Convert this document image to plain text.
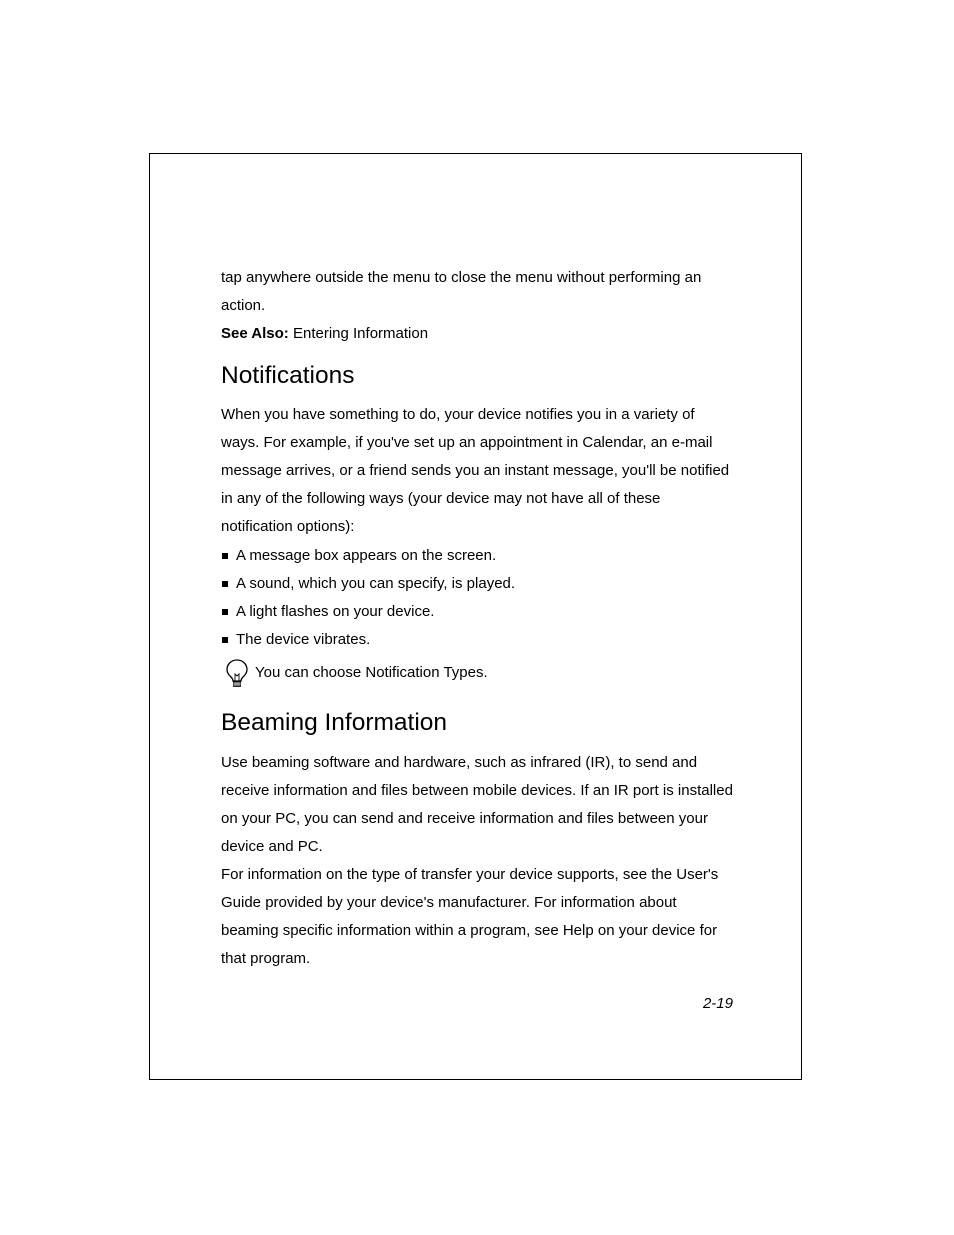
tap anywhere outside the menu to close the menu without performing an
action.

See Also: Entering Information

Notifications

When you have something to do, your device notifies you in a variety of ways. For example, if you've set up an appointment in Calendar, an e-mail message arrives, or a friend sends you an instant message, you'll be notified in any of the following ways (your device may not have all of these notification options):

A message box appears on the screen.
A sound, which you can specify, is played.
A light flashes on your device.
The device vibrates.
You can choose Notification Types.
Beaming Information

Use beaming software and hardware, such as infrared (IR), to send and receive information and files between mobile devices. If an IR port is installed on your PC, you can send and receive information and files between your device and PC.

For information on the type of transfer your device supports, see the User's Guide provided by your device's manufacturer. For information about beaming specific information within a program, see Help on your device for that program.

2-19
